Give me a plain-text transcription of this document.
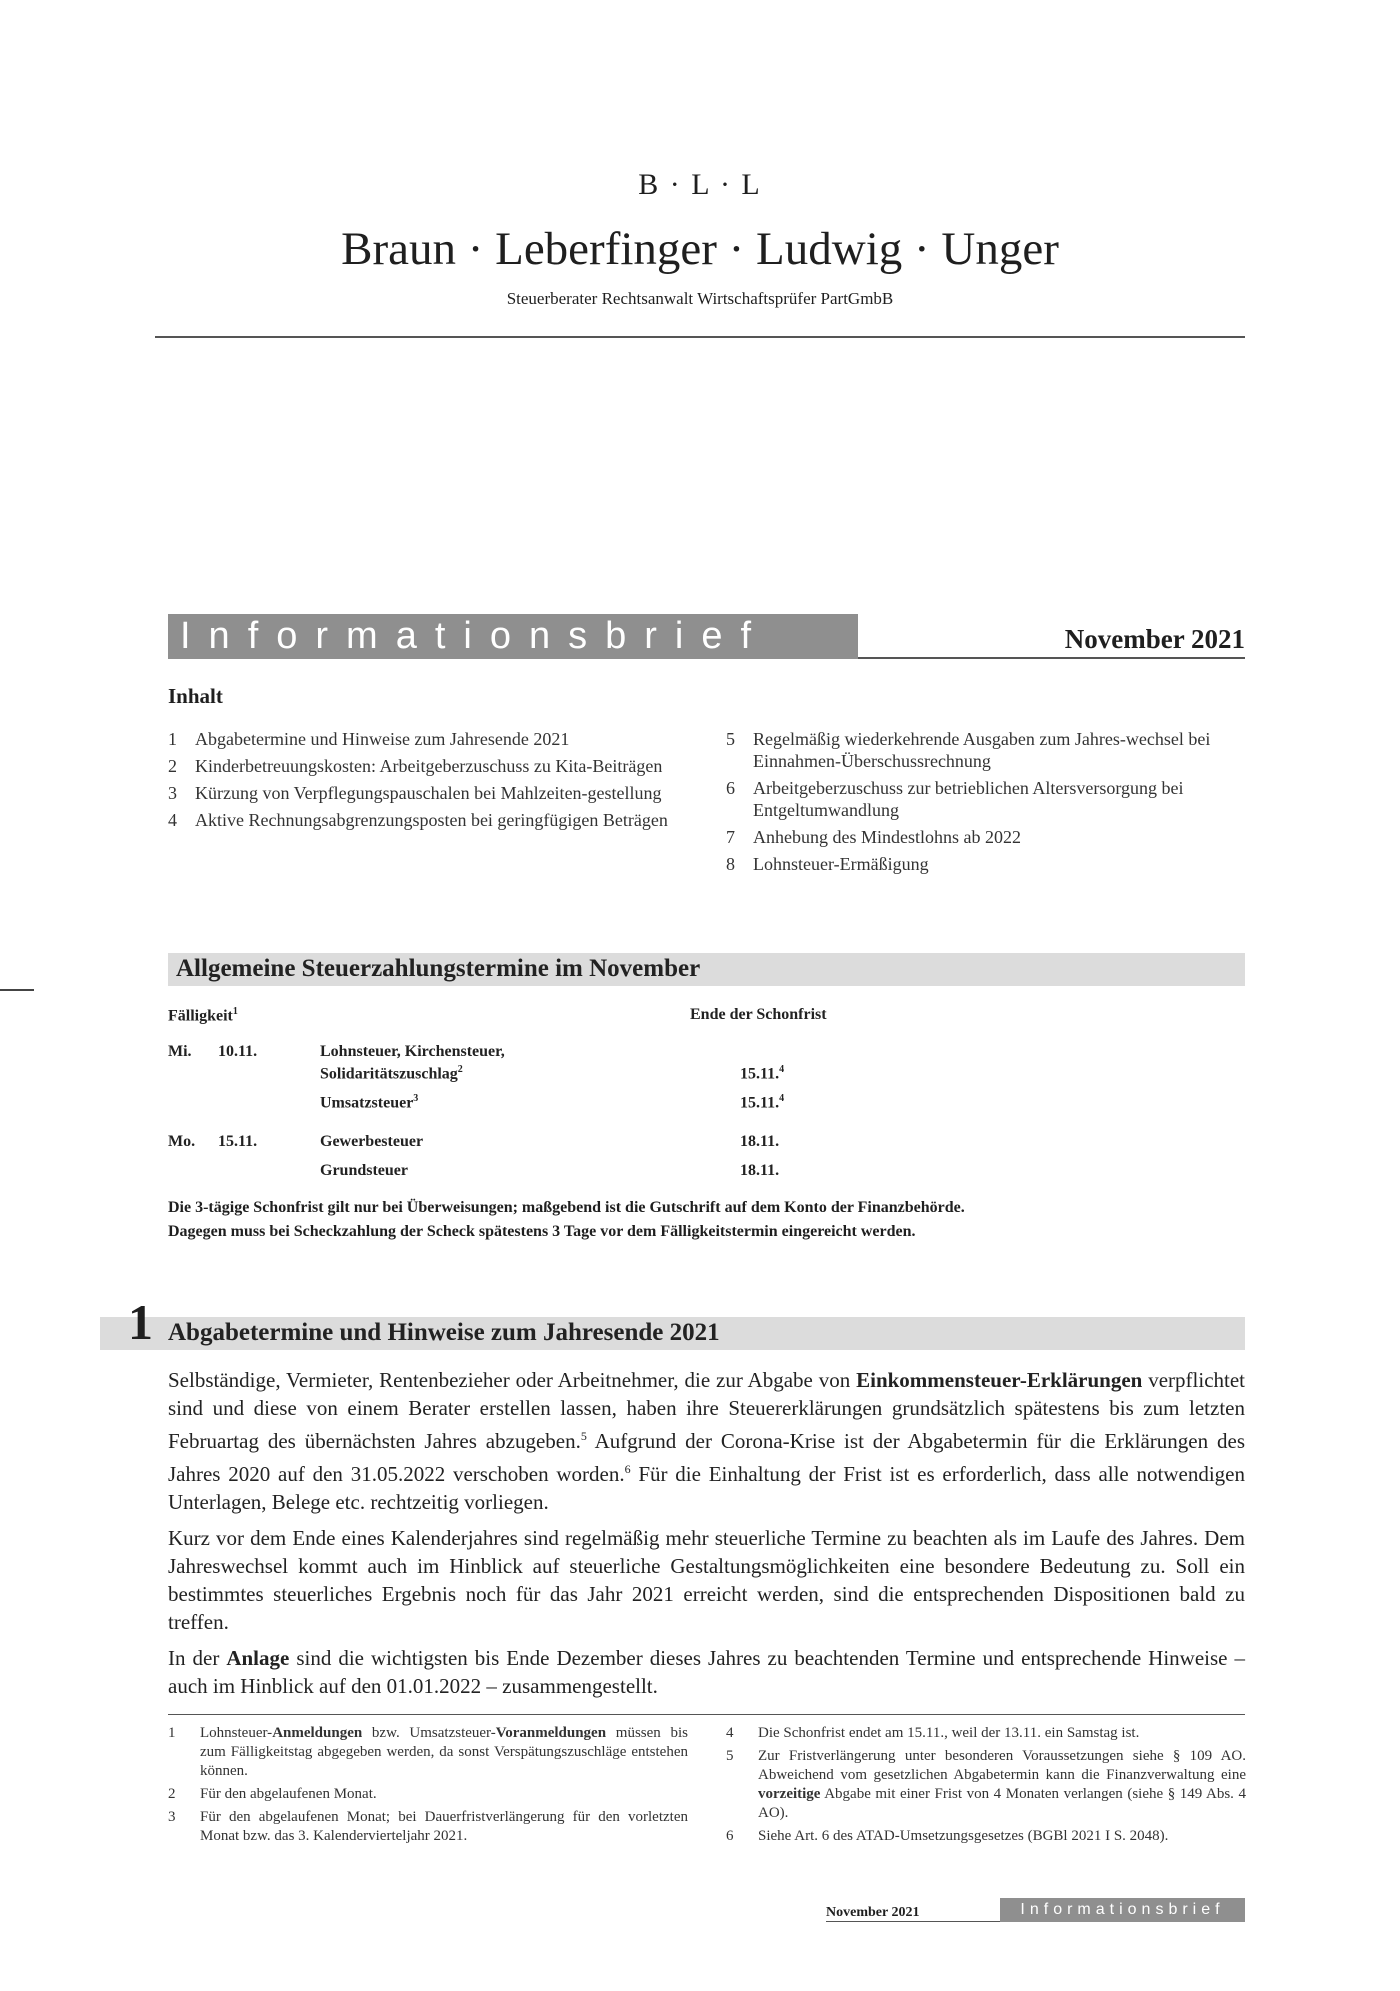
B · L · L
Braun · Leberfinger · Ludwig · Unger
Steuerberater Rechtsanwalt Wirtschaftsprüfer PartGmbB
Informationsbrief	November 2021
Inhalt
1	Abgabetermine und Hinweise zum Jahresende 2021
2	Kinderbetreuungskosten: Arbeitgeberzuschuss zu Kita-Beiträgen
3	Kürzung von Verpflegungspauschalen bei Mahlzeiten-gestellung
4	Aktive Rechnungsabgrenzungsposten bei geringfügigen Beträgen
5	Regelmäßig wiederkehrende Ausgaben zum Jahres-wechsel bei Einnahmen-Überschussrechnung
6	Arbeitgeberzuschuss zur betrieblichen Altersversorgung bei Entgeltumwandlung
7	Anhebung des Mindestlohns ab 2022
8	Lohnsteuer-Ermäßigung
Allgemeine Steuerzahlungstermine im November
Fälligkeit$^1$	Ende der Schonfrist
Mi. 10.11.	Lohnsteuer, Kirchensteuer,
Solidaritätszuschlag$^2$	15.11.$^4$
Umsatzsteuer$^3$	15.11.$^4$
Mo. 15.11.	Gewerbesteuer	18.11.
Grundsteuer	18.11.
Die 3-tägige Schonfrist gilt nur bei Überweisungen; maßgebend ist die Gutschrift auf dem Konto der Finanzbehörde.
Dagegen muss bei Scheckzahlung der Scheck spätestens 3 Tage vor dem Fälligkeitstermin eingereicht werden.
1 Abgabetermine und Hinweise zum Jahresende 2021

Selbständige, Vermieter, Rentenbezieher oder Arbeitnehmer, die zur Abgabe von Einkommensteuer-Erklärungen verpflichtet sind und diese von einem Berater erstellen lassen, haben ihre Steuererklärungen grundsätzlich spätestens bis zum letzten Februartag des übernächsten Jahres abzugeben.$^5$ Aufgrund der Corona-Krise ist der Abgabetermin für die Erklärungen des Jahres 2020 auf den 31.05.2022 verschoben worden.$^6$ Für die Einhaltung der Frist ist es erforderlich, dass alle notwendigen Unterlagen, Belege etc. rechtzeitig vorliegen.

Kurz vor dem Ende eines Kalenderjahres sind regelmäßig mehr steuerliche Termine zu beachten als im Laufe des Jahres. Dem Jahreswechsel kommt auch im Hinblick auf steuerliche Gestaltungsmöglichkeiten eine besondere Bedeutung zu. Soll ein bestimmtes steuerliches Ergebnis noch für das Jahr 2021 erreicht werden, sind die entsprechenden Dispositionen bald zu treffen.

In der Anlage sind die wichtigsten bis Ende Dezember dieses Jahres zu beachtenden Termine und entsprechende Hinweise – auch im Hinblick auf den 01.01.2022 – zusammengestellt.

1	Lohnsteuer-Anmeldungen bzw. Umsatzsteuer-Voranmeldungen müssen bis zum Fälligkeitstag abgegeben werden, da sonst Verspätungszuschläge entstehen können.
2	Für den abgelaufenen Monat.
3	Für den abgelaufenen Monat; bei Dauerfristverlängerung für den vorletzten Monat bzw. das 3. Kalendervierteljahr 2021.
4	Die Schonfrist endet am 15.11., weil der 13.11. ein Samstag ist.
5	Zur Fristverlängerung unter besonderen Voraussetzungen siehe § 109 AO. Abweichend vom gesetzlichen Abgabetermin kann die Finanzverwaltung eine vorzeitige Abgabe mit einer Frist von 4 Monaten verlangen (siehe § 149 Abs. 4 AO).
6	Siehe Art. 6 des ATAD-Umsetzungsgesetzes (BGBl 2021 I S. 2048).
November 2021	Informationsbrief
